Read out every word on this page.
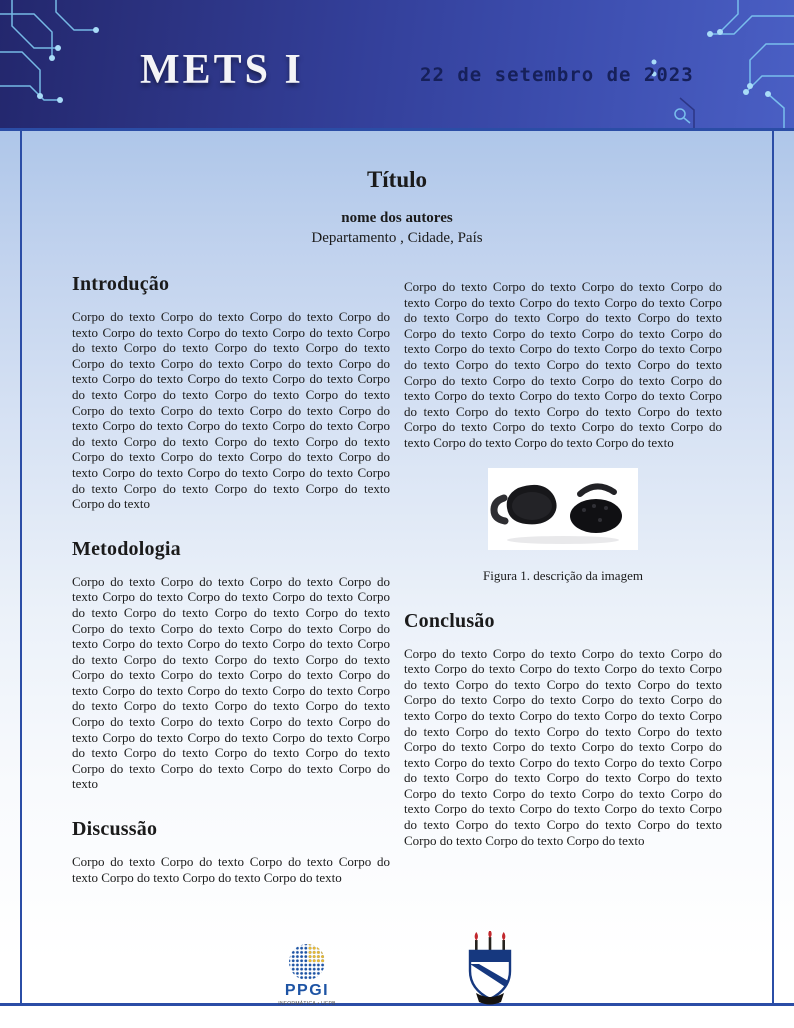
METS I	22 de setembro de 2023
Título
nome dos autores
Departamento , Cidade, País
Introdução

Corpo do texto Corpo do texto Corpo do texto Corpo do texto Corpo do texto Corpo do texto Corpo do texto Corpo do texto Corpo do texto Corpo do texto Corpo do texto Corpo do texto Corpo do texto Corpo do texto Corpo do texto Corpo do texto Corpo do texto Corpo do texto Corpo do texto Corpo do texto Corpo do texto Corpo do texto Corpo do texto Corpo do texto Corpo do texto Corpo do texto Corpo do texto Corpo do texto Corpo do texto Corpo do texto Corpo do texto Corpo do texto Corpo do texto Corpo do texto Corpo do texto Corpo do texto Corpo do texto Corpo do texto Corpo do texto Corpo do texto Corpo do texto Corpo do texto Corpo do texto Corpo do texto Corpo do texto

Metodologia

Corpo do texto Corpo do texto Corpo do texto Corpo do texto Corpo do texto Corpo do texto Corpo do texto Corpo do texto Corpo do texto Corpo do texto Corpo do texto Corpo do texto Corpo do texto Corpo do texto Corpo do texto Corpo do texto Corpo do texto Corpo do texto Corpo do texto Corpo do texto Corpo do texto Corpo do texto Corpo do texto Corpo do texto Corpo do texto Corpo do texto Corpo do texto Corpo do texto Corpo do texto Corpo do texto Corpo do texto Corpo do texto Corpo do texto Corpo do texto Corpo do texto Corpo do texto Corpo do texto Corpo do texto Corpo do texto Corpo do texto Corpo do texto Corpo do texto Corpo do texto Corpo do texto Corpo do texto Corpo do texto Corpo do texto Corpo do texto

Discussão

Corpo do texto Corpo do texto Corpo do texto Corpo do texto Corpo do texto Corpo do texto Corpo do texto

Corpo do texto Corpo do texto Corpo do texto Corpo do texto Corpo do texto Corpo do texto Corpo do texto Corpo do texto Corpo do texto Corpo do texto Corpo do texto Corpo do texto Corpo do texto Corpo do texto Corpo do texto Corpo do texto Corpo do texto Corpo do texto Corpo do texto Corpo do texto Corpo do texto Corpo do texto Corpo do texto Corpo do texto Corpo do texto Corpo do texto Corpo do texto Corpo do texto Corpo do texto Corpo do texto Corpo do texto Corpo do texto Corpo do texto Corpo do texto Corpo do texto Corpo do texto Corpo do texto Corpo do texto Corpo do texto Corpo do texto

Figura 1. descrição da imagem
Conclusão

Corpo do texto Corpo do texto Corpo do texto Corpo do texto Corpo do texto Corpo do texto Corpo do texto Corpo do texto Corpo do texto Corpo do texto Corpo do texto Corpo do texto Corpo do texto Corpo do texto Corpo do texto Corpo do texto Corpo do texto Corpo do texto Corpo do texto Corpo do texto Corpo do texto Corpo do texto Corpo do texto Corpo do texto Corpo do texto Corpo do texto Corpo do texto Corpo do texto Corpo do texto Corpo do texto Corpo do texto Corpo do texto Corpo do texto Corpo do texto Corpo do texto Corpo do texto Corpo do texto Corpo do texto Corpo do texto Corpo do texto Corpo do texto Corpo do texto Corpo do texto Corpo do texto Corpo do texto Corpo do texto Corpo do texto

PPGI
INFORMÁTICA • UFPB
